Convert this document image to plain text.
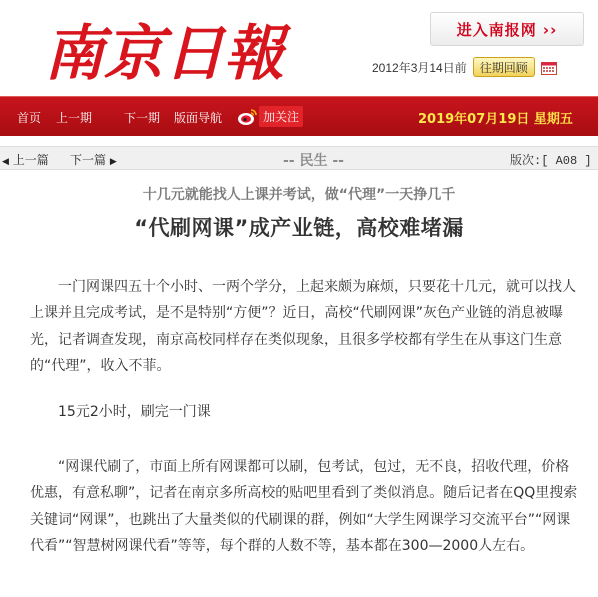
南京日報	进入南报网 ››
2012年3月14日前 往期回顾
首页 上一期	下一期 版面导航	加关注	2019年07月19日 星期五
◀ 上一篇 下一篇 ▶	-- 民生 --	版次:[ A08 ]
十几元就能找人上课并考试，做“代理”一天挣几千
“代刷网课”成产业链，高校难堵漏

一门网课四五十个小时、一两个学分，上起来颇为麻烦，只要花十几元，就可以找人上课并且完成考试，是不是特别“方便”？近日，高校“代刷网课”灰色产业链的消息被曝光，记者调查发现，南京高校同样存在类似现象，且很多学校都有学生在从事这门生意的“代理”，收入不菲。

15元2小时，刷完一门课

“网课代刷了，市面上所有网课都可以刷，包考试，包过，无不良，招收代理，价格优惠，有意私聊”，记者在南京多所高校的贴吧里看到了类似消息。随后记者在QQ里搜索关键词“网课”，也跳出了大量类似的代刷课的群，例如“大学生网课学习交流平台”“网课代看”“智慧树网课代看”等等，每个群的人数不等，基本都在300—2000人左右。
